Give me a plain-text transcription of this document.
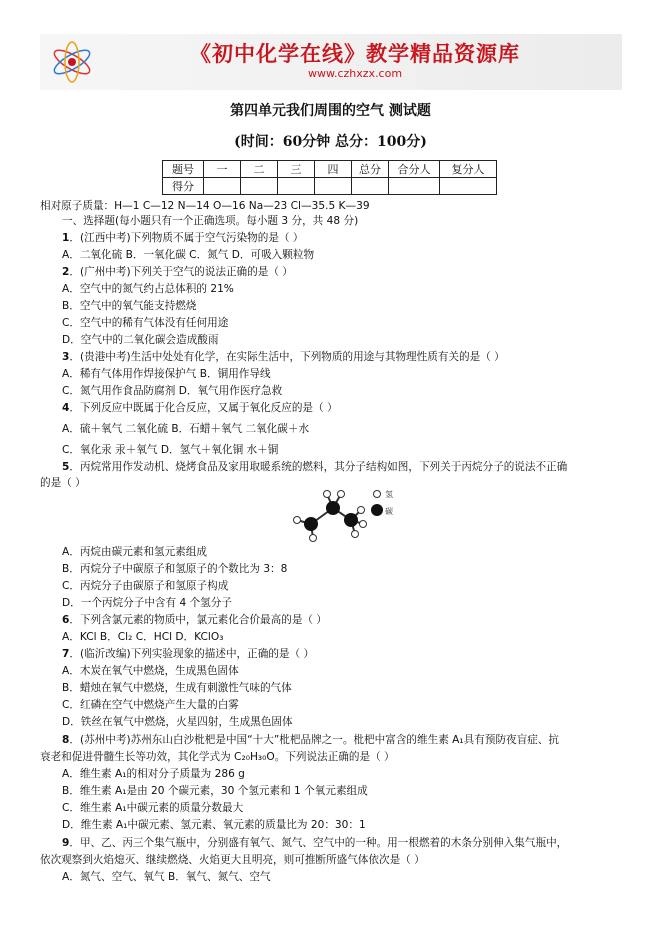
《初中化学在线》教学精品资源库
www.czhxzx.com
第四单元我们周围的空气 测试题
(时间：60分钟 总分：100分)
题号	一	二	三	四	总分	合分人	复分人
得分							
相对原子质量：H—1 C—12 N—14 O—16 Na—23 Cl—35.5 K—39
一、选择题(每小题只有一个正确选项。每小题 3 分，共 48 分)
1．(江西中考)下列物质不属于空气污染物的是（ ）
A．二氧化硫 B．一氧化碳 C．氮气 D．可吸入颗粒物
2．(广州中考)下列关于空气的说法正确的是（ ）
A．空气中的氮气约占总体积的 21%
B．空气中的氧气能支持燃烧
C．空气中的稀有气体没有任何用途
D．空气中的二氧化碳会造成酸雨
3．(贵港中考)生活中处处有化学，在实际生活中，下列物质的用途与其物理性质有关的是（ ）
A．稀有气体用作焊接保护气 B．铜用作导线
C．氮气用作食品防腐剂 D．氧气用作医疗急救
4．下列反应中既属于化合反应，又属于氧化反应的是（ ）
A．硫＋氧气 二氧化硫 B．石蜡＋氧气 二氧化碳＋水
C．氧化汞 汞＋氧气 D．氢气＋氧化铜 水＋铜
5．丙烷常用作发动机、烧烤食品及家用取暖系统的燃料，其分子结构如图，下列关于丙烷分子的说法不正确
的是（ ）
氢
碳
A．丙烷由碳元素和氢元素组成
B．丙烷分子中碳原子和氢原子的个数比为 3：8
C．丙烷分子由碳原子和氢原子构成
D．一个丙烷分子中含有 4 个氢分子
6．下列含氯元素的物质中，氯元素化合价最高的是（ ）
A．KCl B．Cl₂ C．HCl D．KClO₃
7．(临沂改编)下列实验现象的描述中，正确的是（ ）
A．木炭在氧气中燃烧，生成黑色固体
B．蜡烛在氧气中燃烧，生成有刺激性气味的气体
C．红磷在空气中燃烧产生大量的白雾
D．铁丝在氧气中燃烧，火星四射，生成黑色固体
8．(苏州中考)苏州东山白沙枇杷是中国“十大”枇杷品牌之一。枇杷中富含的维生素 A₁具有预防夜盲症、抗
衰老和促进骨髓生长等功效，其化学式为 C₂₀H₃₀O。下列说法正确的是（ ）
A．维生素 A₁的相对分子质量为 286 g
B．维生素 A₁是由 20 个碳元素，30 个氢元素和 1 个氧元素组成
C．维生素 A₁中碳元素的质量分数最大
D．维生素 A₁中碳元素、氢元素、氧元素的质量比为 20：30：1
9．甲、乙、丙三个集气瓶中，分别盛有氧气、氮气、空气中的一种。用一根燃着的木条分别伸入集气瓶中，
依次观察到火焰熄灭、继续燃烧、火焰更大且明亮，则可推断所盛气体依次是（ ）
A．氮气、空气、氧气 B．氧气、氮气、空气
